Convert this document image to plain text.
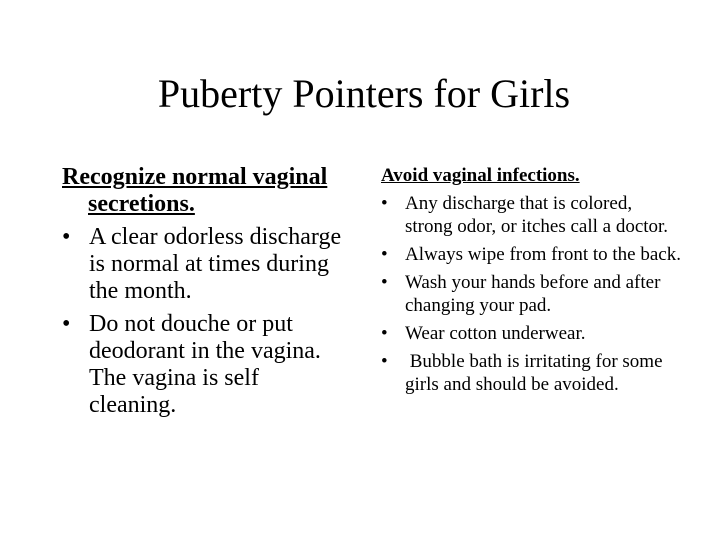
Puberty Pointers for Girls

Recognize normal vaginal secretions.

• A clear odorless discharge is normal at times during the month.
• Do not douche or put deodorant in the vagina.  The vagina is self cleaning.

Avoid vaginal infections.

• Any discharge that is colored, strong odor, or itches call a doctor.
• Always wipe from front to the back.
• Wash your hands before and after changing your pad.
• Wear cotton underwear.
• Bubble bath is irritating for some girls and should be avoided.
